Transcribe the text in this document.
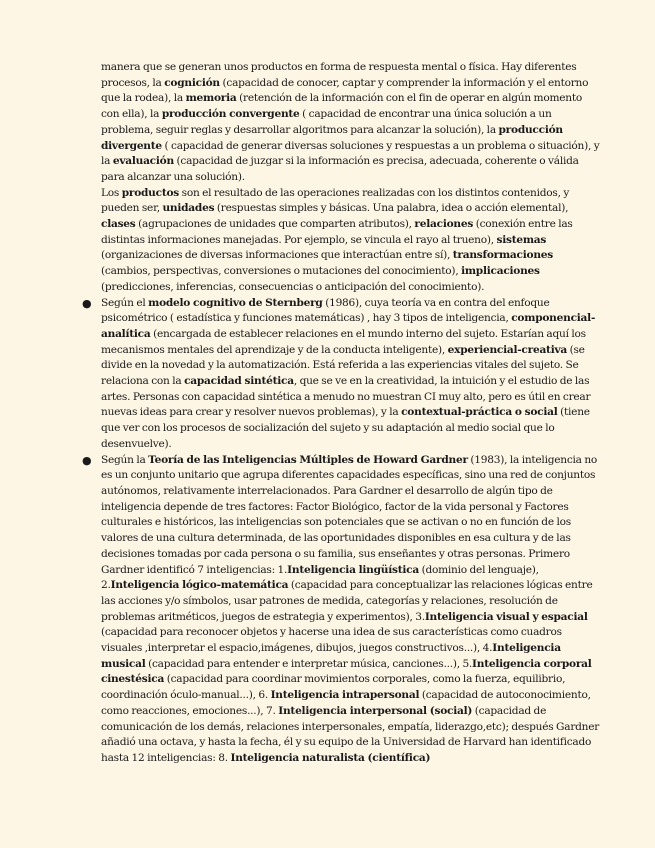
manera que se generan unos productos en forma de respuesta mental o física. Hay diferentes procesos, la cognición (capacidad de conocer, captar y comprender la información y el entorno que la rodea), la memoria (retención de la información con el fin de operar en algún momento con ella), la producción convergente ( capacidad de encontrar una única solución a un problema, seguir reglas y desarrollar algoritmos para alcanzar la solución), la producción divergente ( capacidad de generar diversas soluciones y respuestas a un problema o situación), y la evaluación (capacidad de juzgar si la información es precisa, adecuada, coherente o válida para alcanzar una solución).

Los productos son el resultado de las operaciones realizadas con los distintos contenidos, y pueden ser, unidades (respuestas simples y básicas. Una palabra, idea o acción elemental), clases (agrupaciones de unidades que comparten atributos), relaciones (conexión entre las distintas informaciones manejadas. Por ejemplo, se vincula el rayo al trueno), sistemas (organizaciones de diversas informaciones que interactúan entre sí), transformaciones (cambios, perspectivas, conversiones o mutaciones del conocimiento), implicaciones (predicciones, inferencias, consecuencias o anticipación del conocimiento).

● Según el modelo cognitivo de Sternberg (1986), cuya teoría va en contra del enfoque psicométrico ( estadística y funciones matemáticas) , hay 3 tipos de inteligencia, componencial-analítica (encargada de establecer relaciones en el mundo interno del sujeto. Estarían aquí los mecanismos mentales del aprendizaje y de la conducta inteligente), experiencial-creativa (se divide en la novedad y la automatización. Está referida a las experiencias vitales del sujeto. Se relaciona con la capacidad sintética, que se ve en la creatividad, la intuición y el estudio de las artes. Personas con capacidad sintética a menudo no muestran CI muy alto, pero es útil en crear nuevas ideas para crear y resolver nuevos problemas), y la contextual-práctica o social (tiene que ver con los procesos de socialización del sujeto y su adaptación al medio social que lo desenvuelve).

● Según la Teoría de las Inteligencias Múltiples de Howard Gardner (1983), la inteligencia no es un conjunto unitario que agrupa diferentes capacidades específicas, sino una red de conjuntos autónomos, relativamente interrelacionados. Para Gardner el desarrollo de algún tipo de inteligencia depende de tres factores: Factor Biológico, factor de la vida personal y Factores culturales e históricos, las inteligencias son potenciales que se activan o no en función de los valores de una cultura determinada, de las oportunidades disponibles en esa cultura y de las decisiones tomadas por cada persona o su familia, sus enseñantes y otras personas. Primero Gardner identificó 7 inteligencias: 1.Inteligencia lingüística (dominio del lenguaje), 2.Inteligencia lógico-matemática (capacidad para conceptualizar las relaciones lógicas entre las acciones y/o símbolos, usar patrones de medida, categorías y relaciones, resolución de problemas aritméticos, juegos de estrategia y experimentos), 3.Inteligencia visual y espacial (capacidad para reconocer objetos y hacerse una idea de sus características como cuadros visuales ,interpretar el espacio,imágenes, dibujos, juegos constructivos...), 4.Inteligencia musical (capacidad para entender e interpretar música, canciones...), 5.Inteligencia corporal cinestésica (capacidad para coordinar movimientos corporales, como la fuerza, equilibrio, coordinación óculo-manual...), 6. Inteligencia intrapersonal (capacidad de autoconocimiento, como reacciones, emociones...), 7. Inteligencia interpersonal (social) (capacidad de comunicación de los demás, relaciones interpersonales, empatía, liderazgo,etc); después Gardner añadió una octava, y hasta la fecha, él y su equipo de la Universidad de Harvard han identificado hasta 12 inteligencias: 8. Inteligencia naturalista (científica)
